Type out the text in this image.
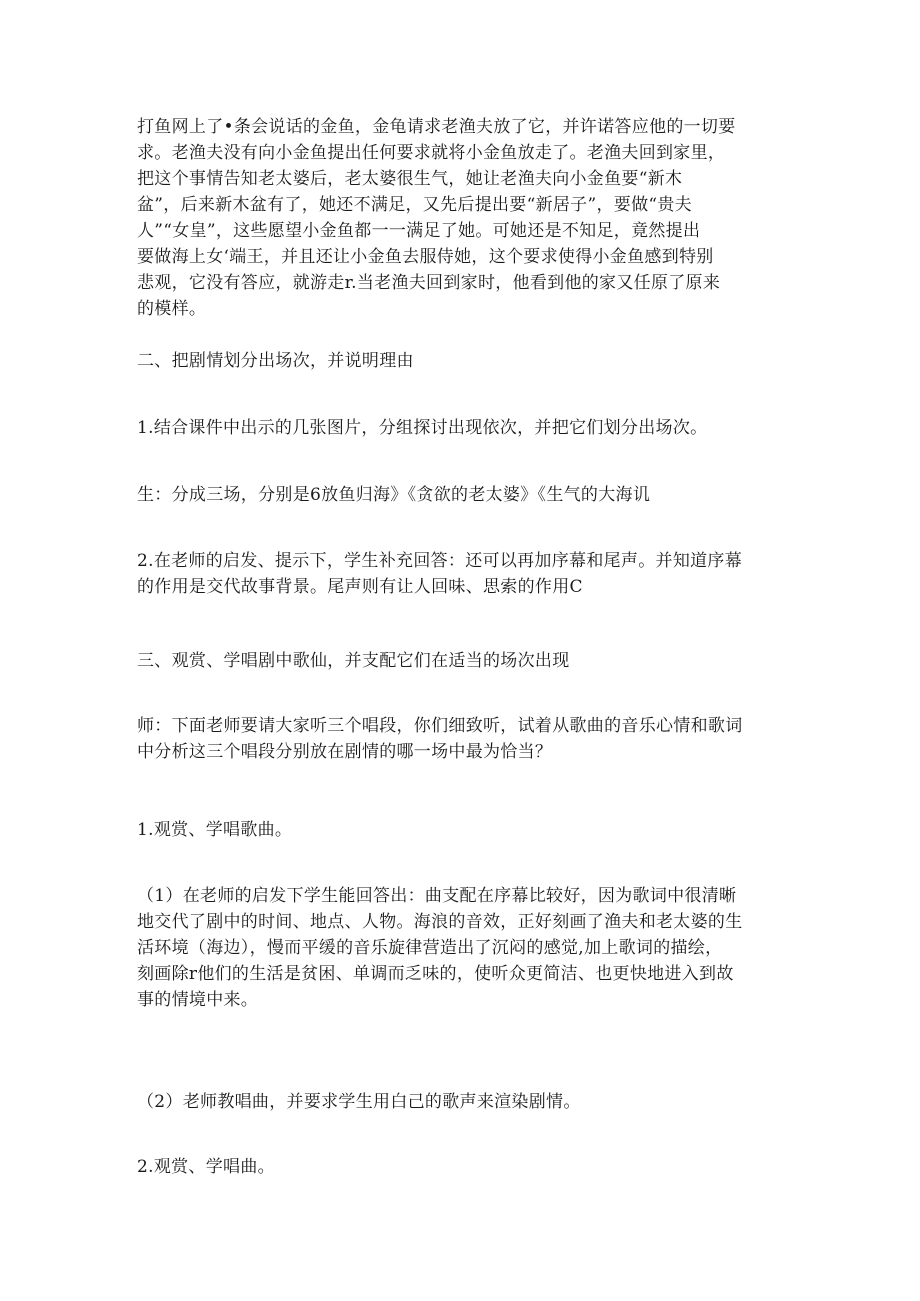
打鱼网上了•条会说话的金鱼，金龟请求老渔夫放了它，并许诺答应他的一切要
求。老渔夫没有向小金鱼提出任何要求就将小金鱼放走了。老渔夫回到家里，
把这个事情告知老太婆后，老太婆很生气，她让老渔夫向小金鱼要“新木
盆”，后来新木盆有了，她还不满足，又先后提出要“新居子”，要做“贵夫
人”“女皇”，这些愿望小金鱼都一一满足了她。可她还是不知足，竟然提出
要做海上女‘端王，并且还让小金鱼去服侍她，这个要求使得小金鱼感到特别
悲观，它没有答应，就游走r.当老渔夫回到家时，他看到他的家又任原了原来
的模样。

二、把剧情划分出场次，并说明理由

1.结合课件中出示的几张图片，分组探讨出现依次，并把它们划分出场次。

生：分成三场，分别是6放鱼归海》《贪欲的老太婆》《生气的大海讥

2.在老师的启发、提示下，学生补充回答：还可以再加序幕和尾声。并知道序幕
的作用是交代故事背景。尾声则有让人回味、思索的作用C

三、观赏、学唱剧中歌仙，并支配它们在适当的场次出现

师：下面老师要请大家听三个唱段，你们细致听，试着从歌曲的音乐心情和歌词
中分析这三个唱段分别放在剧情的哪一场中最为恰当？

1.观赏、学唱歌曲。

（1）在老师的启发下学生能回答出：曲支配在序幕比较好，因为歌词中很清晰
地交代了剧中的时间、地点、人物。海浪的音效，正好刻画了渔夫和老太婆的生
活环境（海边），慢而平缓的音乐旋律营造出了沉闷的感觉,加上歌词的描绘，
刻画除r他们的生活是贫困、单调而乏味的，使听众更简洁、也更快地进入到故
事的情境中来。

（2）老师教唱曲，并要求学生用白己的歌声来渲染剧情。

2.观赏、学唱曲。
